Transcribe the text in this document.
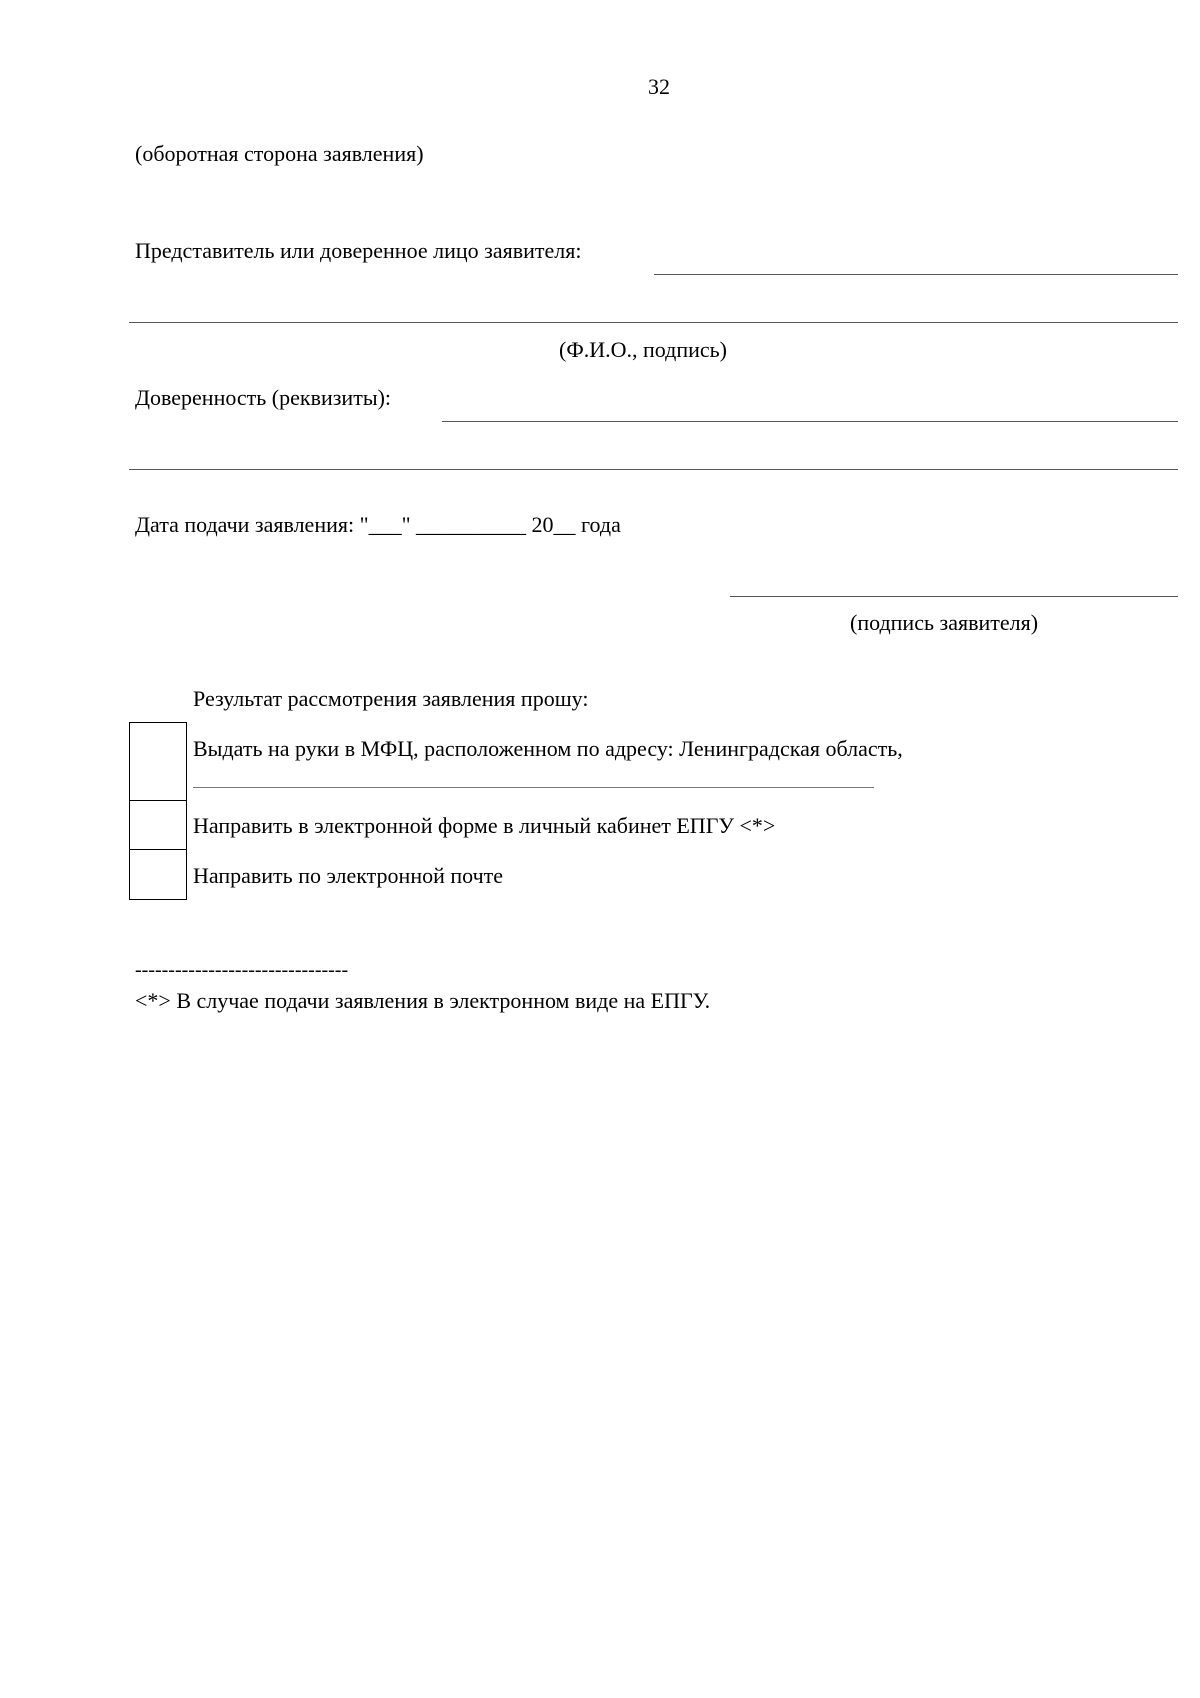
32
(оборотная сторона заявления)
Представитель или доверенное лицо заявителя:
(Ф.И.О., подпись)
Доверенность (реквизиты):
Дата подачи заявления: "___" __________ 20__ года
(подпись заявителя)
Результат рассмотрения заявления прошу:
Выдать на руки в МФЦ, расположенном по адресу: Ленинградская область,
Направить в электронной форме в личный кабинет ЕПГУ <*>
Направить по электронной почте
--------------------------------
<*> В случае подачи заявления в электронном виде на ЕПГУ.
